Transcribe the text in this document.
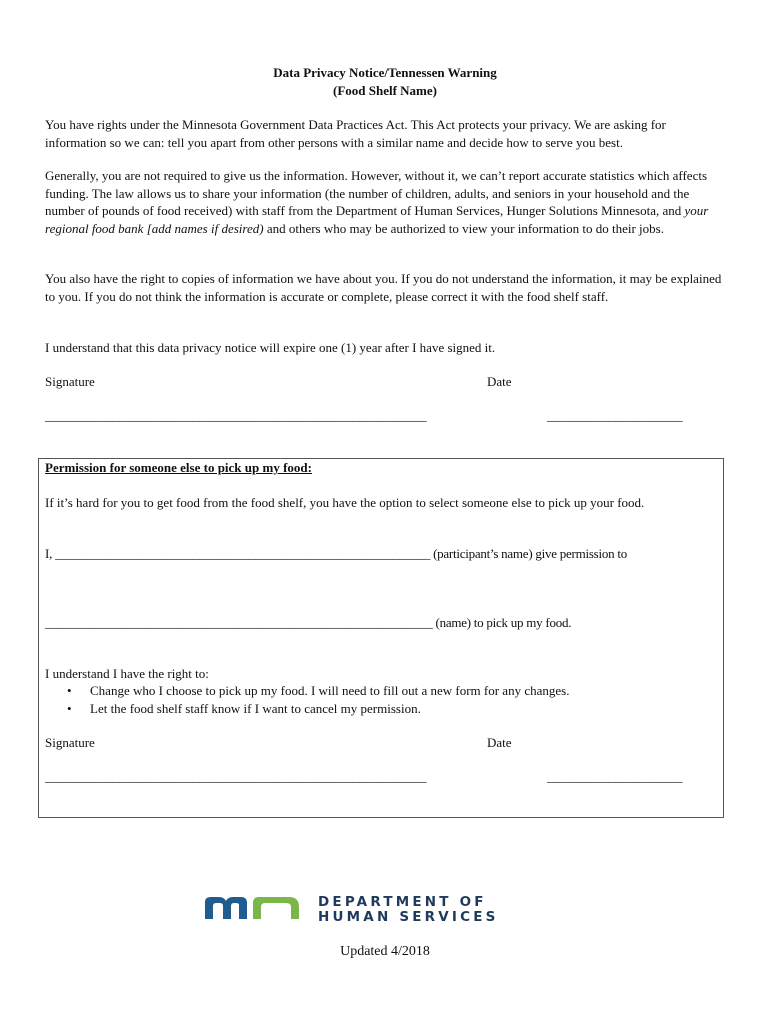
Data Privacy Notice/Tennessen Warning
(Food Shelf Name)

You have rights under the Minnesota Government Data Practices Act. This Act protects your privacy. We are asking for information so we can: tell you apart from other persons with a similar name and decide how to serve you best.

Generally, you are not required to give us the information. However, without it, we can’t report accurate statistics which affects funding. The law allows us to share your information (the number of children, adults, and seniors in your household and the number of pounds of food received) with staff from the Department of Human Services, Hunger Solutions Minnesota, and your regional food bank [add names if desired) and others who may be authorized to view your information to do their jobs.

You also have the right to copies of information we have about you. If you do not understand the information, it may be explained to you. If you do not think the information is accurate or complete, please correct it with the food shelf staff.

I understand that this data privacy notice will expire one (1) year after I have signed it.

Signature	Date
______________________________________________________________	______________________
Permission for someone else to pick up my food:
If it’s hard for you to get food from the food shelf, you have the option to select someone else to pick up your food.
I, ____________________________________________________________ (participant’s name) give permission to
______________________________________________________________ (name) to pick up my food.
I understand I have the right to:
• Change who I choose to pick up my food. I will need to fill out a new form for any changes.
• Let the food shelf staff know if I want to cancel my permission.
Signature	Date
______________________________________________________________	______________________
DEPARTMENT OF
HUMAN SERVICES
Updated 4/2018
